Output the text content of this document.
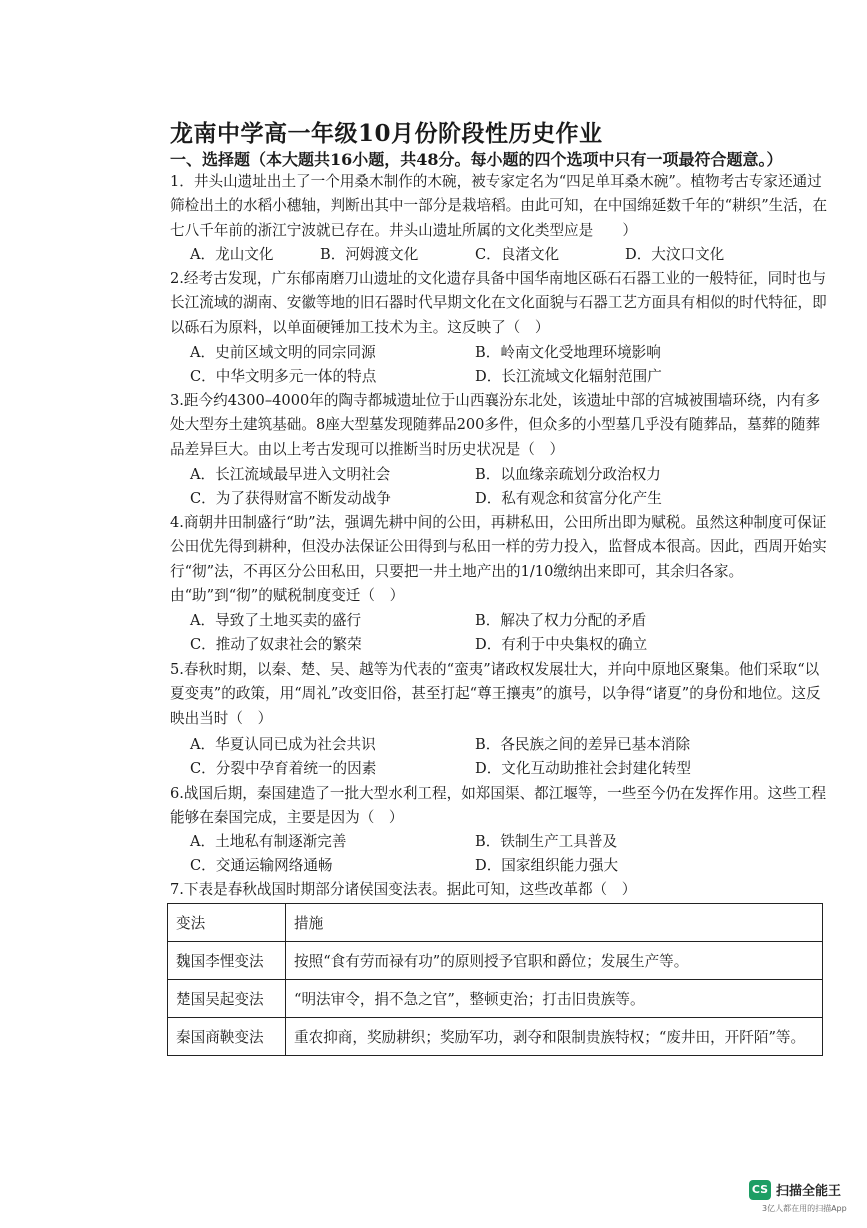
龙南中学高一年级10月份阶段性历史作业
一、选择题（本大题共16小题，共48分。每小题的四个选项中只有一项最符合题意。）
1．井头山遗址出土了一个用桑木制作的木碗，被专家定名为“四足单耳桑木碗”。植物考古专家还通过筛检出土的水稻小穗轴，判断出其中一部分是栽培稻。由此可知，在中国绵延数千年的“耕织”生活，在七八千年前的浙江宁波就已存在。井头山遗址所属的文化类型应是　　）
A．龙山文化	B．河姆渡文化	C．良渚文化	D．大汶口文化
2.经考古发现，广东郁南磨刀山遗址的文化遗存具备中国华南地区砾石石器工业的一般特征，同时也与长江流域的湖南、安徽等地的旧石器时代早期文化在文化面貌与石器工艺方面具有相似的时代特征，即以砾石为原料，以单面硬锤加工技术为主。这反映了（　）
A．史前区域文明的同宗同源	B．岭南文化受地理环境影响
C．中华文明多元一体的特点	D．长江流域文化辐射范围广
3.距今约4300–4000年的陶寺都城遗址位于山西襄汾东北处，该遗址中部的宫城被围墙环绕，内有多处大型夯土建筑基础。8座大型墓发现随葬品200多件，但众多的小型墓几乎没有随葬品，墓葬的随葬品差异巨大。由以上考古发现可以推断当时历史状况是（　）
A．长江流域最早进入文明社会	B．以血缘亲疏划分政治权力
C．为了获得财富不断发动战争	D．私有观念和贫富分化产生
4.商朝井田制盛行“助”法，强调先耕中间的公田，再耕私田，公田所出即为赋税。虽然这种制度可保证公田优先得到耕种，但没办法保证公田得到与私田一样的劳力投入，监督成本很高。因此，西周开始实行“彻”法，不再区分公田私田，只要把一井土地产出的1/10缴纳出来即可，其余归各家。由“助”到“彻”的赋税制度变迁（　）
A．导致了土地买卖的盛行	B．解决了权力分配的矛盾
C．推动了奴隶社会的繁荣	D．有利于中央集权的确立
5.春秋时期，以秦、楚、吴、越等为代表的“蛮夷”诸政权发展壮大，并向中原地区聚集。他们采取“以夏变夷”的政策，用“周礼”改变旧俗，甚至打起“尊王攘夷”的旗号，以争得“诸夏”的身份和地位。这反映出当时（　）
A．华夏认同已成为社会共识	B．各民族之间的差异已基本消除
C．分裂中孕育着统一的因素	D．文化互动助推社会封建化转型
6.战国后期，秦国建造了一批大型水利工程，如郑国渠、都江堰等，一些至今仍在发挥作用。这些工程能够在秦国完成，主要是因为（　）
A．土地私有制逐渐完善	B．铁制生产工具普及
C．交通运输网络通畅	D．国家组织能力强大
7.下表是春秋战国时期部分诸侯国变法表。据此可知，这些改革都（　）
变法	措施
魏国李悝变法	按照“食有劳而禄有功”的原则授予官职和爵位；发展生产等。
楚国吴起变法	“明法审令，捐不急之官”，整顿吏治；打击旧贵族等。
秦国商鞅变法	重农抑商，奖励耕织；奖励军功，剥夺和限制贵族特权；“废井田，开阡陌”等。
CS 扫描全能王
3亿人都在用的扫描App
